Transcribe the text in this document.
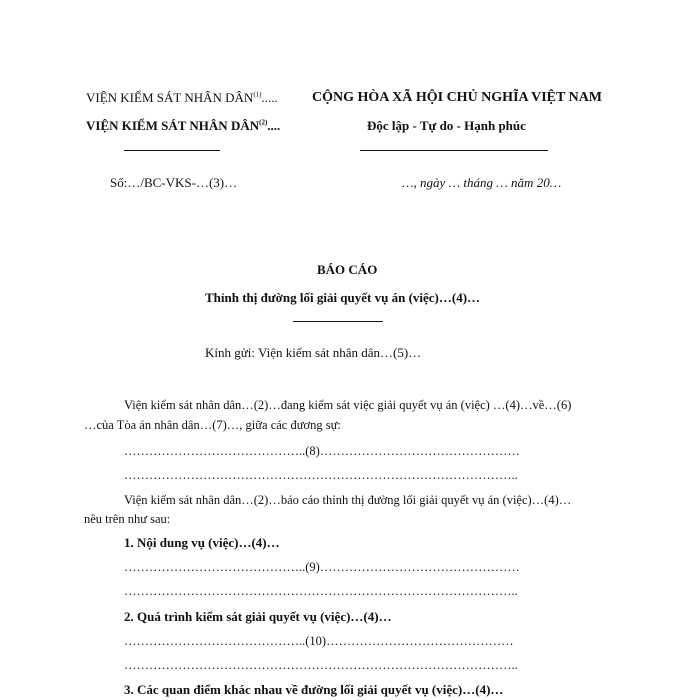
VIỆN KIỂM SÁT NHÂN DÂN$^{(1)}$.....
VIỆN KIỂM SÁT NHÂN DÂN$^{(2)}$....
CỘNG HÒA XÃ HỘI CHỦ NGHĨA VIỆT NAM
Độc lập - Tự do - Hạnh phúc
Số:…/BC-VKS-…(3)…	…, ngày … tháng … năm 20…
BÁO CÁO
Thỉnh thị đường lối giải quyết vụ án (việc)…(4)…
Kính gửi: Viện kiểm sát nhân dân…(5)…
Viện kiểm sát nhân dân…(2)…đang kiểm sát việc giải quyết vụ án (việc) …(4)…về…(6)
…của Tòa án nhân dân…(7)…, giữa các đương sự:
……………………………………..(8)…………………………………………
…………………………………………………………………………………..
Viện kiểm sát nhân dân…(2)…báo cáo thỉnh thị đường lối giải quyết vụ án (việc)…(4)…
nêu trên như sau:
1. Nội dung vụ (việc)…(4)…
……………………………………..(9)…………………………………………
…………………………………………………………………………………..
2. Quá trình kiểm sát giải quyết vụ (việc)…(4)…
……………………………………..(10)………………………………………
…………………………………………………………………………………..
3. Các quan điểm khác nhau về đường lối giải quyết vụ (việc)…(4)…
